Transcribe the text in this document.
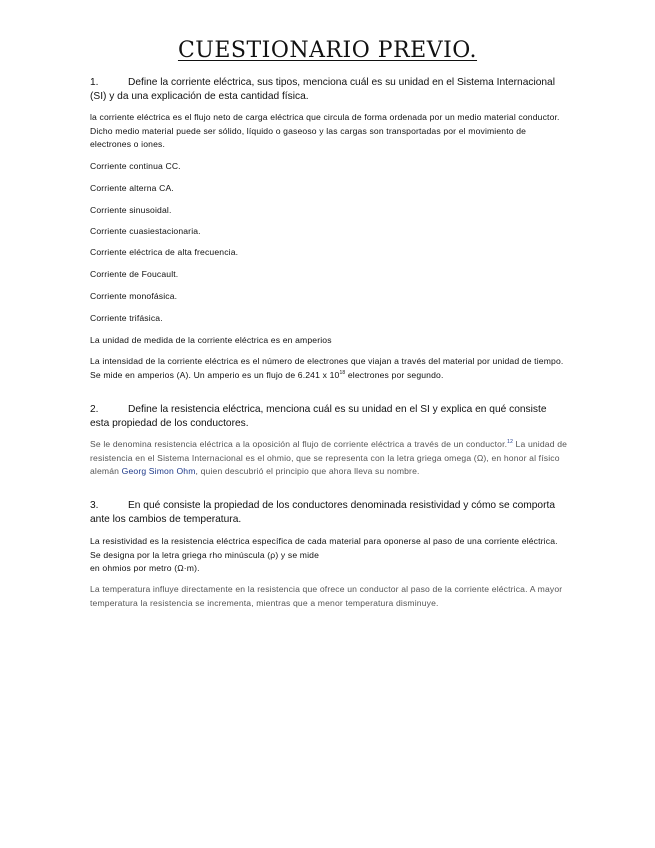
CUESTIONARIO PREVIO.
1.	Define la corriente eléctrica, sus tipos, menciona cuál es su unidad en el Sistema Internacional (SI) y da una explicación de esta cantidad física.
la corriente eléctrica es el flujo neto de carga eléctrica que circula de forma ordenada por un medio material conductor. Dicho medio material puede ser sólido, líquido o gaseoso y las cargas son transportadas por el movimiento de electrones o iones.
Corriente continua CC.
Corriente alterna CA.
Corriente sinusoidal.
Corriente cuasiestacionaria.
Corriente eléctrica de alta frecuencia.
Corriente de Foucault.
Corriente monofásica.
Corriente trifásica.
La unidad de medida de la corriente eléctrica es en amperios
La intensidad de la corriente eléctrica es el número de electrones que viajan a través del material por unidad de tiempo. Se mide en amperios (A). Un amperio es un flujo de 6.241 x $10^{18}$ electrones por segundo.
2.	Define la resistencia eléctrica, menciona cuál es su unidad en el SI y explica en qué consiste esta propiedad de los conductores.
Se le denomina resistencia eléctrica a la oposición al flujo de corriente eléctrica a través de un conductor.$^{12}$ La unidad de resistencia en el Sistema Internacional es el ohmio, que se representa con la letra griega omega (Ω), en honor al físico alemán Georg Simon Ohm, quien descubrió el principio que ahora lleva su nombre.
3.	En qué consiste la propiedad de los conductores denominada resistividad y cómo se comporta ante los cambios de temperatura.
La resistividad es la resistencia eléctrica específica de cada material para oponerse al paso de una corriente eléctrica. Se designa por la letra griega rho minúscula (ρ) y se mide
en ohmios por metro (Ω·m).
La temperatura influye directamente en la resistencia que ofrece un conductor al paso de la corriente eléctrica. A mayor temperatura la resistencia se incrementa, mientras que a menor temperatura disminuye.
